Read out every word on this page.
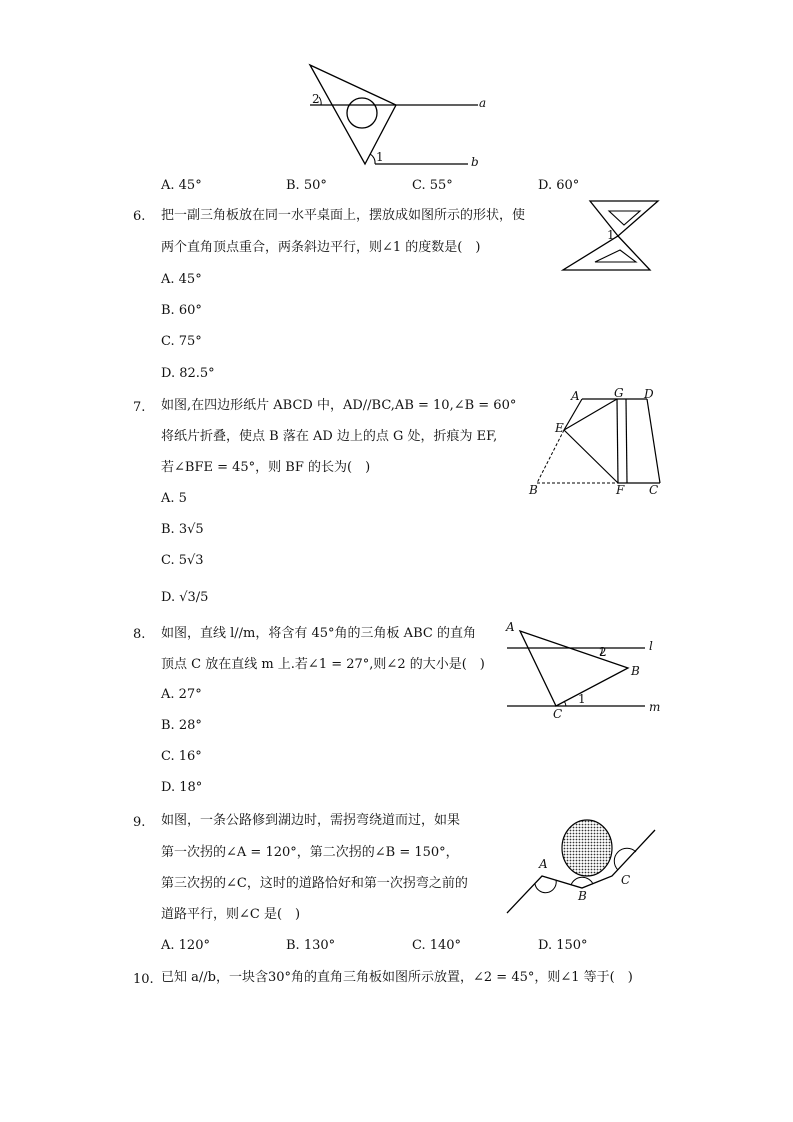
2
1
a
b
A. 45°	B. 50°	C. 55°	D. 60°
6. 把一副三角板放在同一水平桌面上，摆放成如图所示的形状，使
两个直角顶点重合，两条斜边平行，则∠1 的度数是(　)
1
A. 45°
B. 60°
C. 75°
D. 82.5°
7. 如图,在四边形纸片 ABCD 中，AD//BC,AB = 10,∠B = 60°
将纸片折叠，使点 B 落在 AD 边上的点 G 处，折痕为 EF,
若∠BFE = 45°，则 BF 的长为(　)
A	G D
E
B	F C
A. 5
B. 3√5
C. 5√3
D. √3/5
8. 如图，直线 l//m，将含有 45°角的三角板 ABC 的直角
顶点 C 放在直线 m 上.若∠1 = 27°,则∠2 的大小是(　)
A
l
2
B
1
C	m
A. 27°
B. 28°
C. 16°
D. 18°
9. 如图，一条公路修到湖边时，需拐弯绕道而过，如果
第一次拐的∠A = 120°，第二次拐的∠B = 150°，
第三次拐的∠C，这时的道路恰好和第一次拐弯之前的
道路平行，则∠C 是(　)
A
B
C
A. 120°	B. 130°	C. 140°	D. 150°
10. 已知 a//b，一块含30°角的直角三角板如图所示放置，∠2 = 45°，则∠1 等于(　)
